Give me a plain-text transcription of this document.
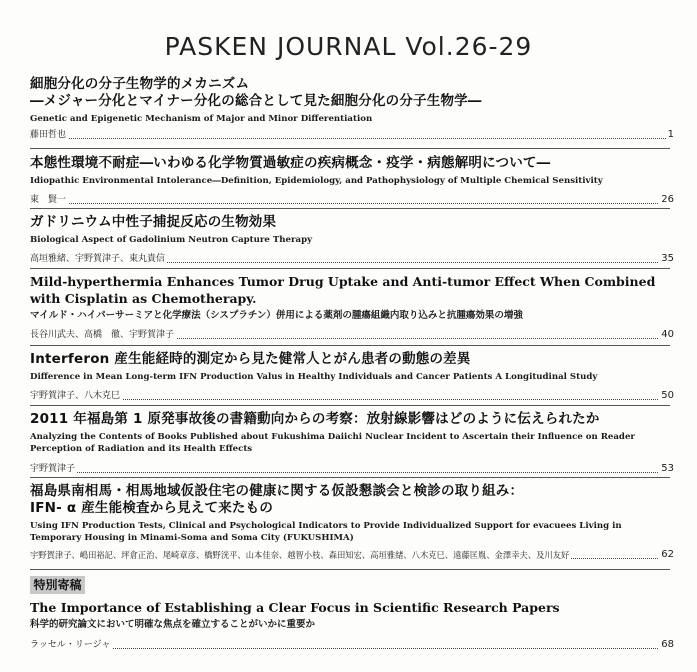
PASKEN JOURNAL Vol.26-29
細胞分化の分子生物学的メカニズム
―メジャー分化とマイナー分化の総合として見た細胞分化の分子生物学―
Genetic and Epigenetic Mechanism of Major and Minor Differentiation
藤田哲也	1
本態性環境不耐症―いわゆる化学物質過敏症の疾病概念・疫学・病態解明について―
Idiopathic Environmental Intolerance―Definition, Epidemiology, and Pathophysiology of Multiple Chemical Sensitivity
東　賢一	26
ガドリニウム中性子捕捉反応の生物効果
Biological Aspect of Gadolinium Neutron Capture Therapy
高垣雅緒、宇野賀津子、東丸貴信	35
Mild-hyperthermia Enhances Tumor Drug Uptake and Anti-tumor Effect When Combined
with Cisplatin as Chemotherapy.
マイルド・ハイパーサーミアと化学療法（シスプラチン）併用による薬剤の腫瘍組織内取り込みと抗腫瘍効果の増強
長谷川武夫、高橋　徹、宇野賀津子	40
Interferon 産生能経時的測定から見た健常人とがん患者の動態の差異
Difference in Mean Long-term IFN Production Valus in Healthy Individuals and Cancer Patients A Longitudinal Study
宇野賀津子、八木克巳	50
2011 年福島第 1 原発事故後の書籍動向からの考察：放射線影響はどのように伝えられたか
Analyzing the Contents of Books Published about Fukushima Daiichi Nuclear Incident to Ascertain their Influence on Reader Perception of Radiation and its Health Effects
宇野賀津子	53
福島県南相馬・相馬地域仮設住宅の健康に関する仮設懇談会と検診の取り組み：
IFN- α 産生能検査から見えて来たもの
Using IFN Production Tests, Clinical and Psychological Indicators to Provide Individualized Support for evacuees Living in Temporary Housing in Minami-Soma and Soma City (FUKUSHIMA)
宇野賀津子、嶋田裕記、坪倉正治、尾崎章彦、橋野洸平、山本佳奈、越智小枝、森田知宏、高垣雅緒、八木克巳、遠藤匡胤、金澤幸夫、及川友好	62
特別寄稿
The Importance of Establishing a Clear Focus in Scientific Research Papers
科学的研究論文において明確な焦点を確立することがいかに重要か
ラッセル・リージャ	68
